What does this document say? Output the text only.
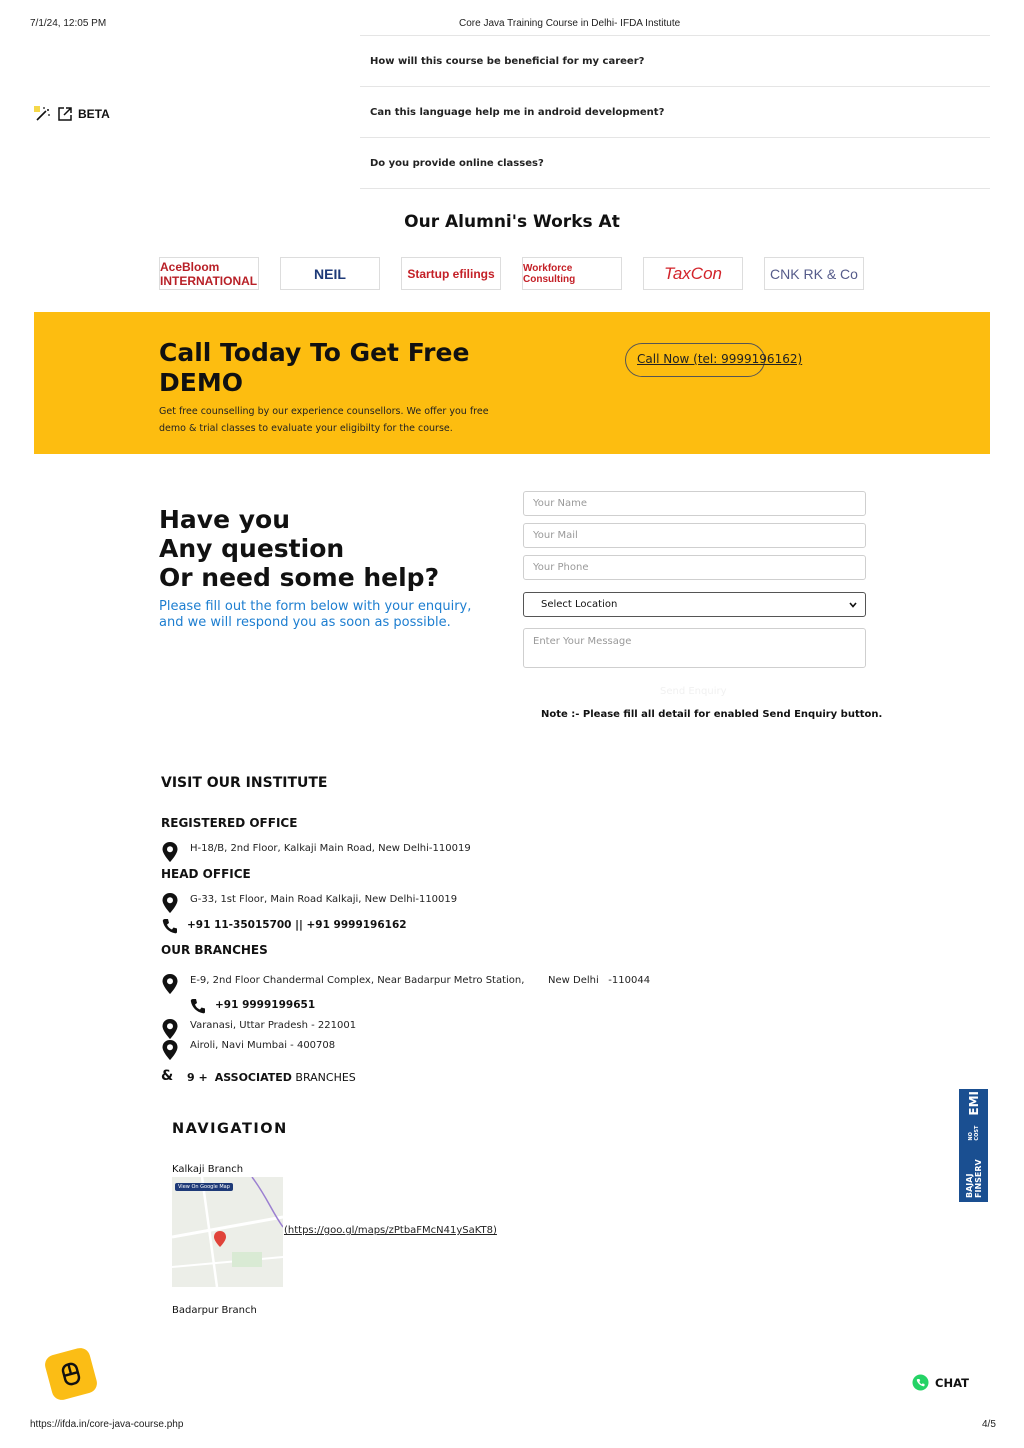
7/1/24, 12:05 PM	Core Java Training Course in Delhi- IFDA Institute
How will this course be beneficial for my career?
Can this language help me in android development?
Do you provide online classes?
BETA
Our Alumni's Works At
AceBloom INTERNATIONAL	NEIL	Startup efilings	Workforce Consulting	TaxCon	CNK RK & Co
Call Today To Get Free DEMO

Get free counselling by our experience counsellors. We offer you free demo & trial classes to evaluate your eligibilty for the course.

Call Now (tel: 9999196162)
Have you
Any question
Or need some help?
Please fill out the form below with your enquiry, and we will respond you as soon as possible.
Your Name
Your Mail
Your Phone
Select Location
Enter Your Message
Send Enquiry
Note :- Please fill all detail for enabled Send Enquiry button.
VISIT OUR INSTITUTE
REGISTERED OFFICE
H-18/B, 2nd Floor, Kalkaji Main Road, New Delhi-110019
HEAD OFFICE
G-33, 1st Floor, Main Road Kalkaji, New Delhi-110019
+91 11-35015700 || +91 9999196162
OUR BRANCHES
E-9, 2nd Floor Chandermal Complex, Near Badarpur Metro Station, New Delhi   -110044
+91 9999199651
Varanasi, Uttar Pradesh - 221001
Airoli, Navi Mumbai - 400708
& 9 + ASSOCIATED BRANCHES
NAVIGATION
Kalkaji Branch
View On Google Map
(https://goo.gl/maps/zPtbaFMcN41ySaKT8)
Badarpur Branch
BAJAJ FINSERV
NO COST
EMI
CHAT
https://ifda.in/core-java-course.php	4/5
